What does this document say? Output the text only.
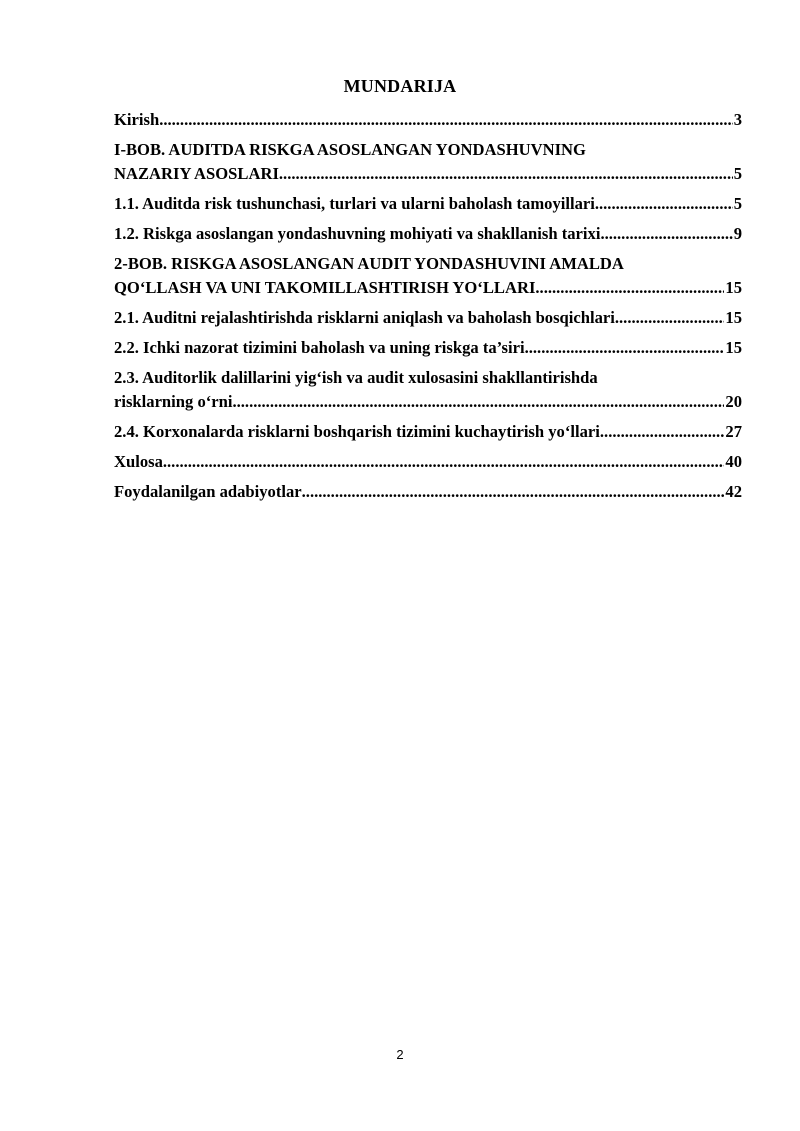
MUNDARIJA
Kirish .....	3
I-BOB. AUDITDA RISKGA ASOSLANGAN YONDASHUVNING
NAZARIY ASOSLARI .....	5
1.1. Auditda risk tushunchasi, turlari va ularni baholash tamoyillari .....	5
1.2. Riskga asoslangan yondashuvning mohiyati va shakllanish tarixi .....	9
2-BOB. RISKGA ASOSLANGAN AUDIT YONDASHUVINI AMALDA
QO‘LLASH VA UNI TAKOMILLASHTIRISH YO‘LLARI .....	15
2.1. Auditni rejalashtirishda risklarni aniqlash va baholash bosqichlari .....	15
2.2. Ichki nazorat tizimini baholash va uning riskga ta’siri .....	15
2.3. Auditorlik dalillarini yig‘ish va audit xulosasini shakllantirishda
risklarning o‘rni .....	20
2.4. Korxonalarda risklarni boshqarish tizimini kuchaytirish yo‘llari .....	27
Xulosa .....	40
Foydalanilgan adabiyotlar .....	42
2
